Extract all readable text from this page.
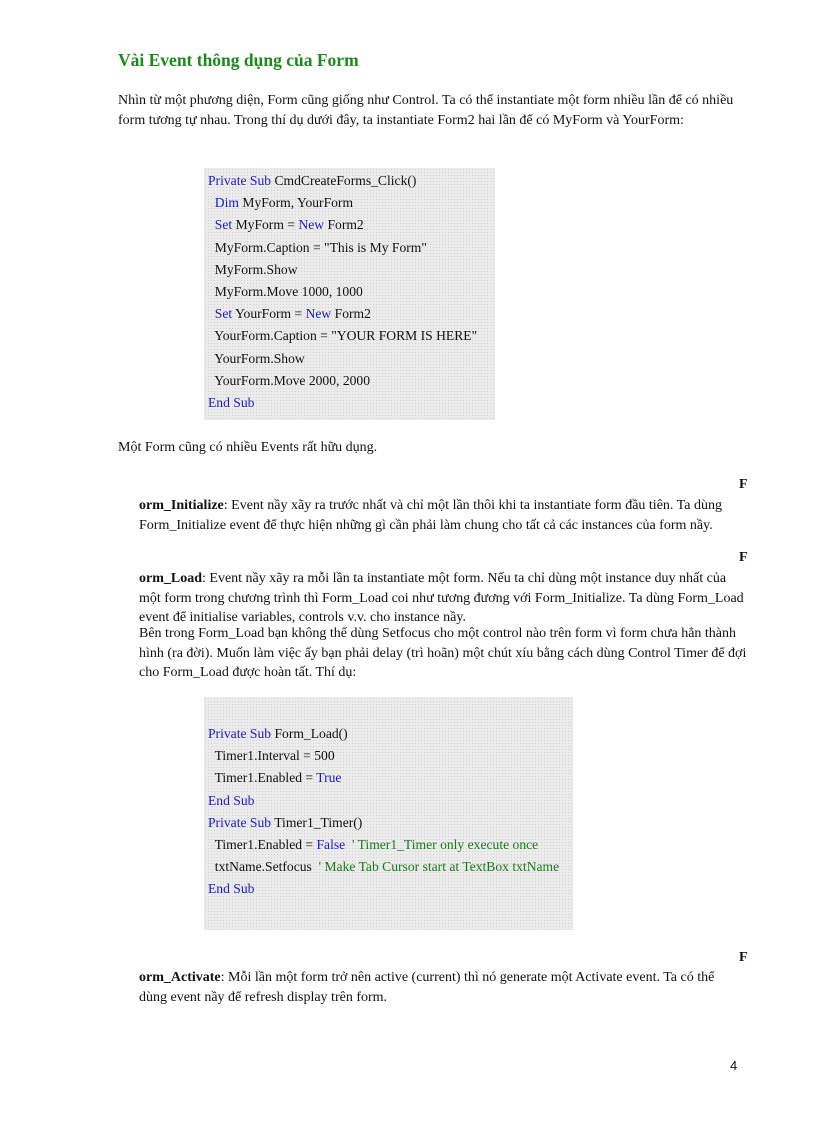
Vài Event thông dụng của Form

Nhìn từ một phương diện, Form cũng giống như Control. Ta có thể instantiate một form nhiều lần để có nhiều form tương tự nhau. Trong thí dụ dưới đây, ta instantiate Form2 hai lần để có MyForm và YourForm:

Private Sub CmdCreateForms_Click()
Dim MyForm, YourForm
Set MyForm = New Form2
MyForm.Caption = "This is My Form"
MyForm.Show
MyForm.Move 1000, 1000
Set YourForm = New Form2
YourForm.Caption = "YOUR FORM IS HERE"
YourForm.Show
YourForm.Move 2000, 2000
End Sub

Một Form cũng có nhiều Events rất hữu dụng.

F

orm_Initialize: Event nầy xãy ra trước nhất và chỉ một lần thôi khi ta instantiate form đầu tiên. Ta dùng Form_Initialize event để thực hiện những gì cần phải làm chung cho tất cả các instances của form nầy.

F

orm_Load: Event nầy xãy ra mỗi lần ta instantiate một form. Nếu ta chỉ dùng một instance duy nhất của một form trong chương trình thì Form_Load coi như tương đương với Form_Initialize. Ta dùng Form_Load event để initialise variables, controls v.v. cho instance nầy.

Bên trong Form_Load bạn không thể dùng Setfocus cho một control nào trên form vì form chưa hẳn thành hình (ra đời). Muốn làm việc ấy bạn phải delay (trì hoãn) một chút xíu bằng cách dùng Control Timer để đợi cho Form_Load được hoàn tất. Thí dụ:

Private Sub Form_Load()
Timer1.Interval = 500
Timer1.Enabled = True
End Sub
Private Sub Timer1_Timer()
Timer1.Enabled = False  ' Timer1_Timer only execute once
txtName.Setfocus  ' Make Tab Cursor start at TextBox txtName
End Sub

F

orm_Activate: Mỗi lần một form trở nên active (current) thì nó generate một Activate event. Ta có thể dùng event nầy để refresh display trên form.

4
